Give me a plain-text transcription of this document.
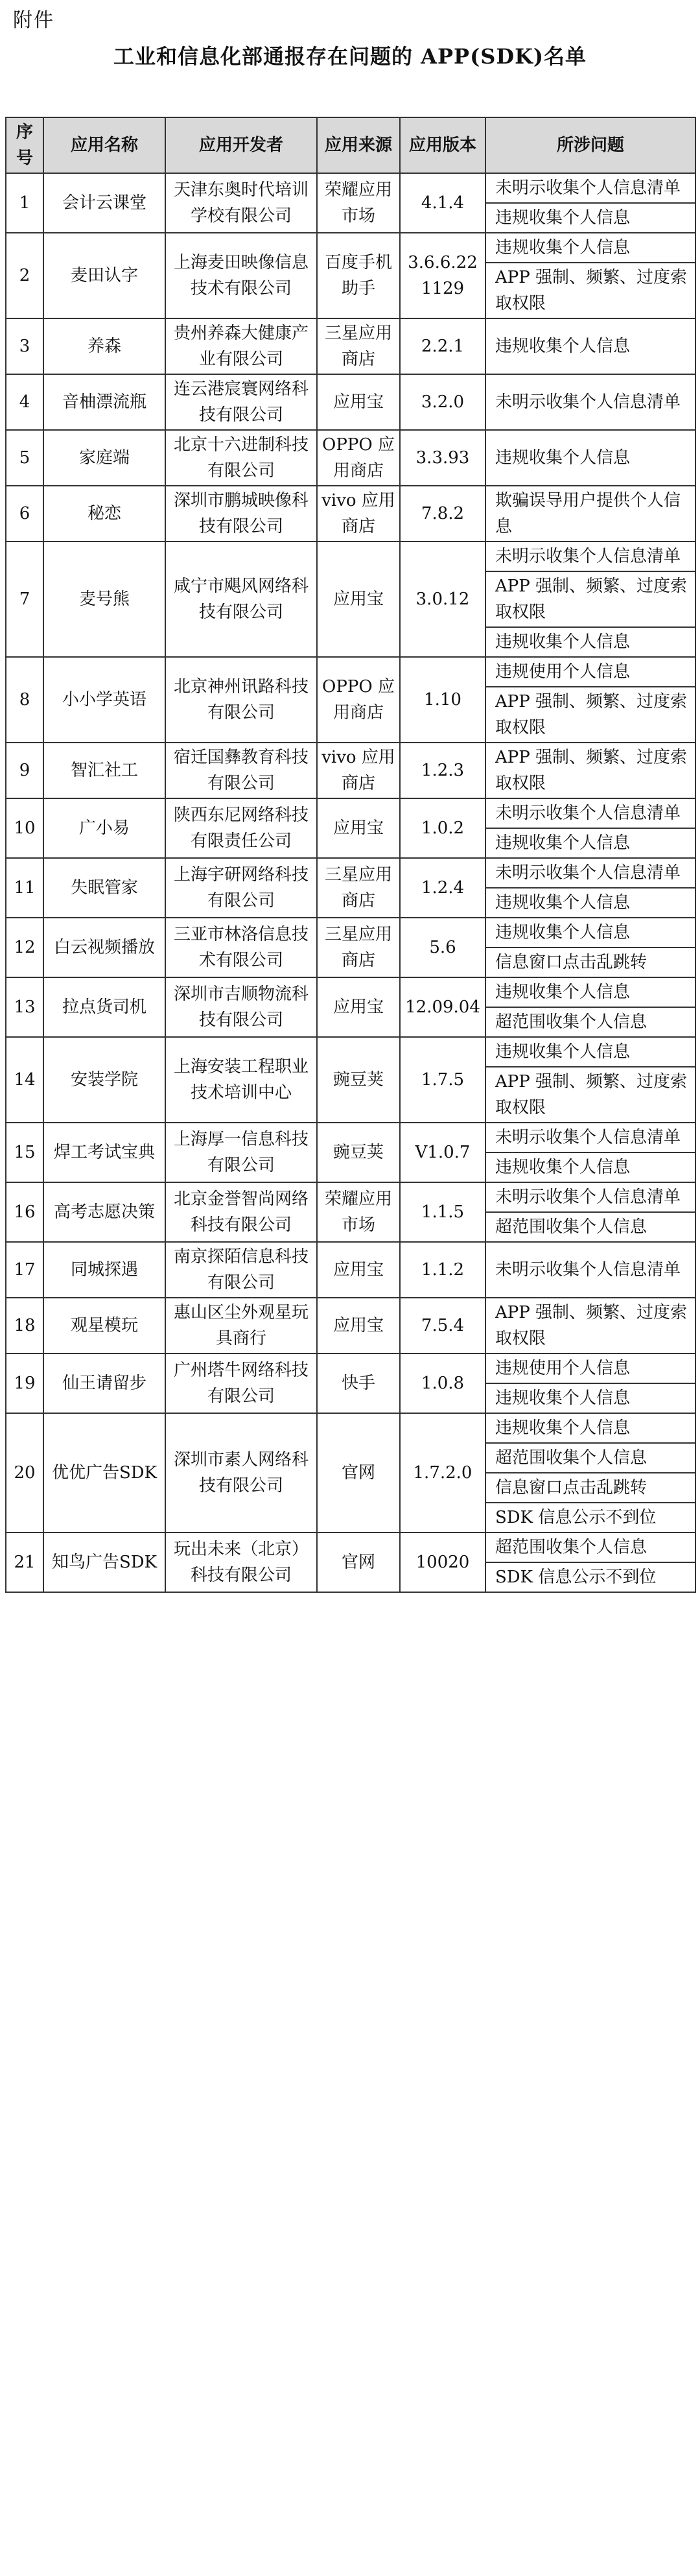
附件
工业和信息化部通报存在问题的 APP(SDK)名单
序号	应用名称	应用开发者	应用来源	应用版本	所涉问题
1	会计云课堂	天津东奥时代培训学校有限公司	荣耀应用市场	4.1.4	未明示收集个人信息清单
					违规收集个人信息
2	麦田认字	上海麦田映像信息技术有限公司	百度手机助手	3.6.6.221129	违规收集个人信息
					APP 强制、频繁、过度索取权限
3	养森	贵州养森大健康产业有限公司	三星应用商店	2.2.1	违规收集个人信息
4	音柚漂流瓶	连云港宸寰网络科技有限公司	应用宝	3.2.0	未明示收集个人信息清单
5	家庭端	北京十六进制科技有限公司	OPPO 应用商店	3.3.93	违规收集个人信息
6	秘恋	深圳市鹏城映像科技有限公司	vivo 应用商店	7.8.2	欺骗误导用户提供个人信息
7	麦号熊	咸宁市飓风网络科技有限公司	应用宝	3.0.12	未明示收集个人信息清单
					APP 强制、频繁、过度索取权限
					违规收集个人信息
8	小小学英语	北京神州讯路科技有限公司	OPPO 应用商店	1.10	违规使用个人信息
					APP 强制、频繁、过度索取权限
9	智汇社工	宿迁国彝教育科技有限公司	vivo 应用商店	1.2.3	APP 强制、频繁、过度索取权限
10	广小易	陕西东尼网络科技有限责任公司	应用宝	1.0.2	未明示收集个人信息清单
					违规收集个人信息
11	失眠管家	上海宇研网络科技有限公司	三星应用商店	1.2.4	未明示收集个人信息清单
					违规收集个人信息
12	白云视频播放	三亚市林洛信息技术有限公司	三星应用商店	5.6	违规收集个人信息
					信息窗口点击乱跳转
13	拉点货司机	深圳市吉顺物流科技有限公司	应用宝	12.09.04	违规收集个人信息
					超范围收集个人信息
14	安装学院	上海安装工程职业技术培训中心	豌豆荚	1.7.5	违规收集个人信息
					APP 强制、频繁、过度索取权限
15	焊工考试宝典	上海厚一信息科技有限公司	豌豆荚	V1.0.7	未明示收集个人信息清单
					违规收集个人信息
16	高考志愿决策	北京金誉智尚网络科技有限公司	荣耀应用市场	1.1.5	未明示收集个人信息清单
					超范围收集个人信息
17	同城探遇	南京探陌信息科技有限公司	应用宝	1.1.2	未明示收集个人信息清单
18	观星模玩	惠山区尘外观星玩具商行	应用宝	7.5.4	APP 强制、频繁、过度索取权限
19	仙王请留步	广州塔牛网络科技有限公司	快手	1.0.8	违规使用个人信息
					违规收集个人信息
20	优优广告SDK	深圳市素人网络科技有限公司	官网	1.7.2.0	违规收集个人信息
					超范围收集个人信息
					信息窗口点击乱跳转
					SDK 信息公示不到位
21	知鸟广告SDK	玩出未来（北京）科技有限公司	官网	10020	超范围收集个人信息
					SDK 信息公示不到位
